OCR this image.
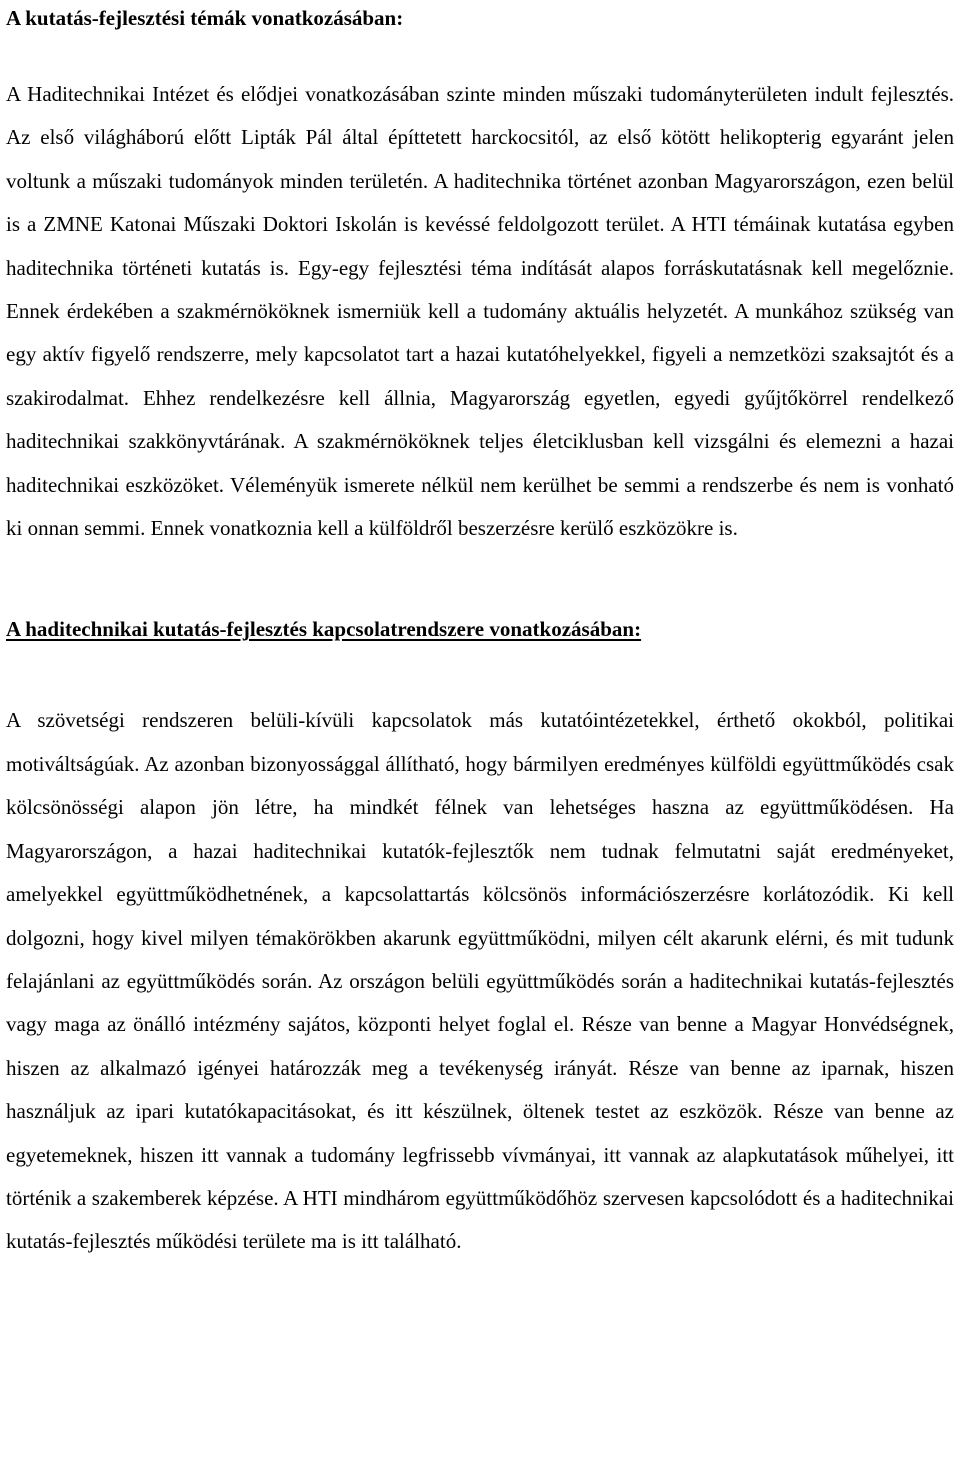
A kutatás-fejlesztési témák vonatkozásában:

A Haditechnikai Intézet és elődjei vonatkozásában szinte minden műszaki tudományterületen indult fejlesztés. Az első világháború előtt Lipták Pál által építtetett harckocsitól, az első kötött helikopterig egyaránt jelen voltunk a műszaki tudományok minden területén. A haditechnika történet azonban Magyarországon, ezen belül is a ZMNE Katonai Műszaki Doktori Iskolán is kevéssé feldolgozott terület. A HTI témáinak kutatása egyben haditechnika történeti kutatás is. Egy-egy fejlesztési téma indítását alapos forráskutatásnak kell megelőznie. Ennek érdekében a szakmérnököknek ismerniük kell a tudomány aktuális helyzetét. A munkához szükség van egy aktív figyelő rendszerre, mely kapcsolatot tart a hazai kutatóhelyekkel, figyeli a nemzetközi szaksajtót és a szakirodalmat. Ehhez rendelkezésre kell állnia, Magyarország egyetlen, egyedi gyűjtőkörrel rendelkező haditechnikai szakkönyvtárának. A szakmérnököknek teljes életciklusban kell vizsgálni és elemezni a hazai haditechnikai eszközöket. Véleményük ismerete nélkül nem kerülhet be semmi a rendszerbe és nem is vonható ki onnan semmi. Ennek vonatkoznia kell a külföldről beszerzésre kerülő eszközökre is.

A haditechnikai kutatás-fejlesztés kapcsolatrendszere vonatkozásában:

A szövetségi rendszeren belüli-kívüli kapcsolatok más kutatóintézetekkel, érthető okokból, politikai motiváltságúak. Az azonban bizonyossággal állítható, hogy bármilyen eredményes külföldi együttműködés csak kölcsönösségi alapon jön létre, ha mindkét félnek van lehetséges haszna az együttműködésen. Ha Magyarországon, a hazai haditechnikai kutatók-fejlesztők nem tudnak felmutatni saját eredményeket, amelyekkel együttműködhetnének, a kapcsolattartás kölcsönös információszerzésre korlátozódik. Ki kell dolgozni, hogy kivel milyen témakörökben akarunk együttműködni, milyen célt akarunk elérni, és mit tudunk felajánlani az együttműködés során. Az országon belüli együttműködés során a haditechnikai kutatás-fejlesztés vagy maga az önálló intézmény sajátos, központi helyet foglal el. Része van benne a Magyar Honvédségnek, hiszen az alkalmazó igényei határozzák meg a tevékenység irányát. Része van benne az iparnak, hiszen használjuk az ipari kutatókapacitásokat, és itt készülnek, öltenek testet az eszközök. Része van benne az egyetemeknek, hiszen itt vannak a tudomány legfrissebb vívmányai, itt vannak az alapkutatások műhelyei, itt történik a szakemberek képzése. A HTI mindhárom együttműködőhöz szervesen kapcsolódott és a haditechnikai kutatás-fejlesztés működési területe ma is itt található.
